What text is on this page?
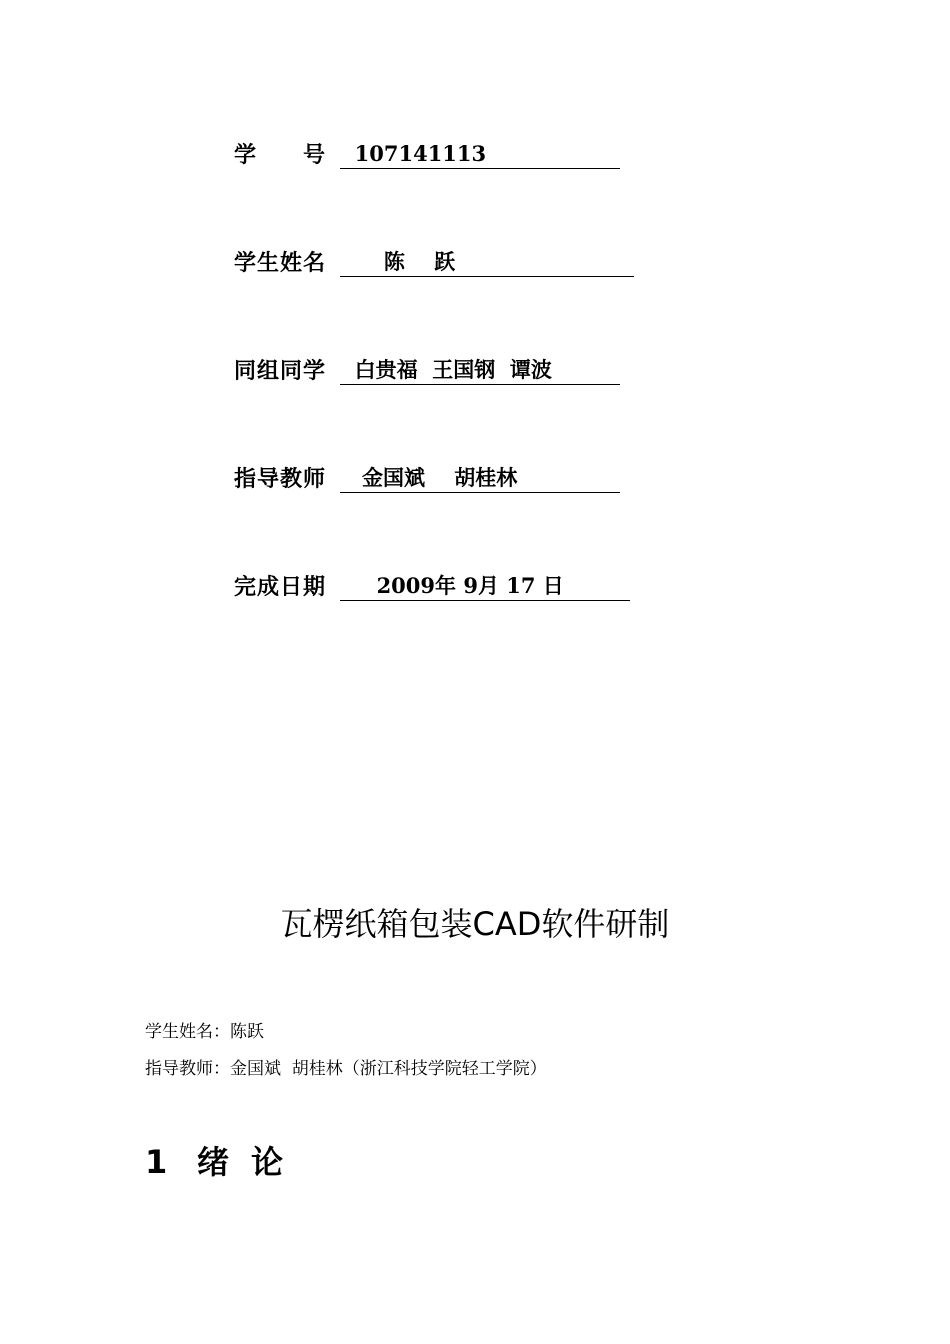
学　　号 107141113
学生姓名 陈    跃
同组同学 白贵福  王国钢  谭波
指导教师 金国斌    胡桂林
完成日期 2009年 9月 17 日
瓦楞纸箱包装CAD软件研制
学生姓名：陈跃
指导教师：金国斌  胡桂林（浙江科技学院轻工学院）
1 绪论
